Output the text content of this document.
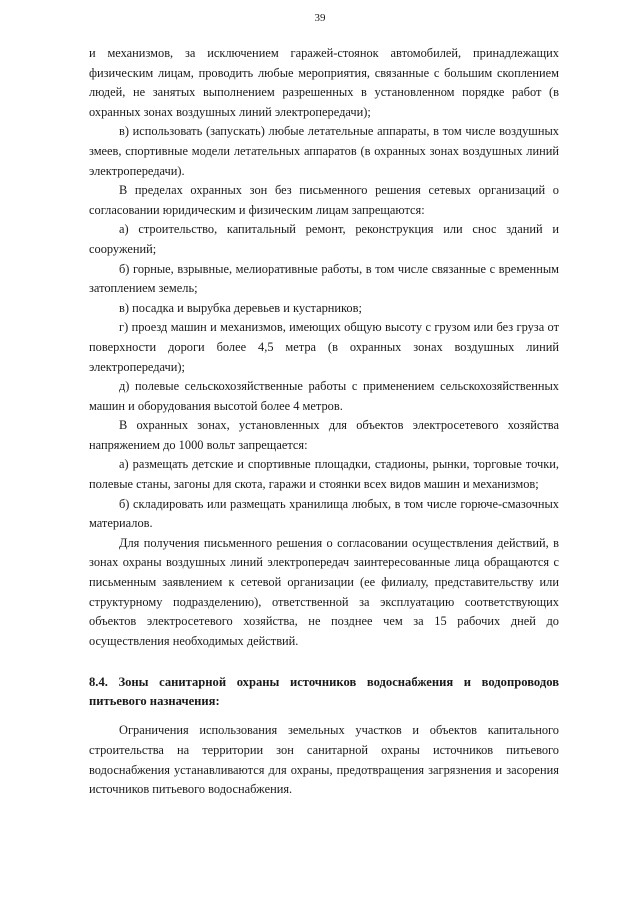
39

и механизмов, за исключением гаражей-стоянок автомобилей, принадлежащих физическим лицам, проводить любые мероприятия, связанные с большим скоплением людей, не занятых выполнением разрешенных в установленном порядке работ (в охранных зонах воздушных линий электропередачи);

в) использовать (запускать) любые летательные аппараты, в том числе воздушных змеев, спортивные модели летательных аппаратов (в охранных зонах воздушных линий электропередачи).

В пределах охранных зон без письменного решения сетевых организаций о согласовании юридическим и физическим лицам запрещаются:

а) строительство, капитальный ремонт, реконструкция или снос зданий и сооружений;

б) горные, взрывные, мелиоративные работы, в том числе связанные с временным затоплением земель;

в) посадка и вырубка деревьев и кустарников;

г) проезд машин и механизмов, имеющих общую высоту с грузом или без груза от поверхности дороги более 4,5 метра (в охранных зонах воздушных линий электропередачи);

д) полевые сельскохозяйственные работы с применением сельскохозяйственных машин и оборудования высотой более 4 метров.

В охранных зонах, установленных для объектов электросетевого хозяйства напряжением до 1000 вольт запрещается:

а) размещать детские и спортивные площадки, стадионы, рынки, торговые точки, полевые станы, загоны для скота, гаражи и стоянки всех видов машин и механизмов;

б) складировать или размещать хранилища любых, в том числе горюче-смазочных материалов.

Для получения письменного решения о согласовании осуществления действий, в зонах охраны воздушных линий электропередач заинтересованные лица обращаются с письменным заявлением к сетевой организации (ее филиалу, представительству или структурному подразделению), ответственной за эксплуатацию соответствующих объектов электросетевого хозяйства, не позднее чем за 15 рабочих дней до осуществления необходимых действий.

8.4. Зоны санитарной охраны источников водоснабжения и водопроводов питьевого назначения:

Ограничения использования земельных участков и объектов капитального строительства на территории зон санитарной охраны источников питьевого водоснабжения устанавливаются для охраны, предотвращения загрязнения и засорения источников питьевого водоснабжения.
